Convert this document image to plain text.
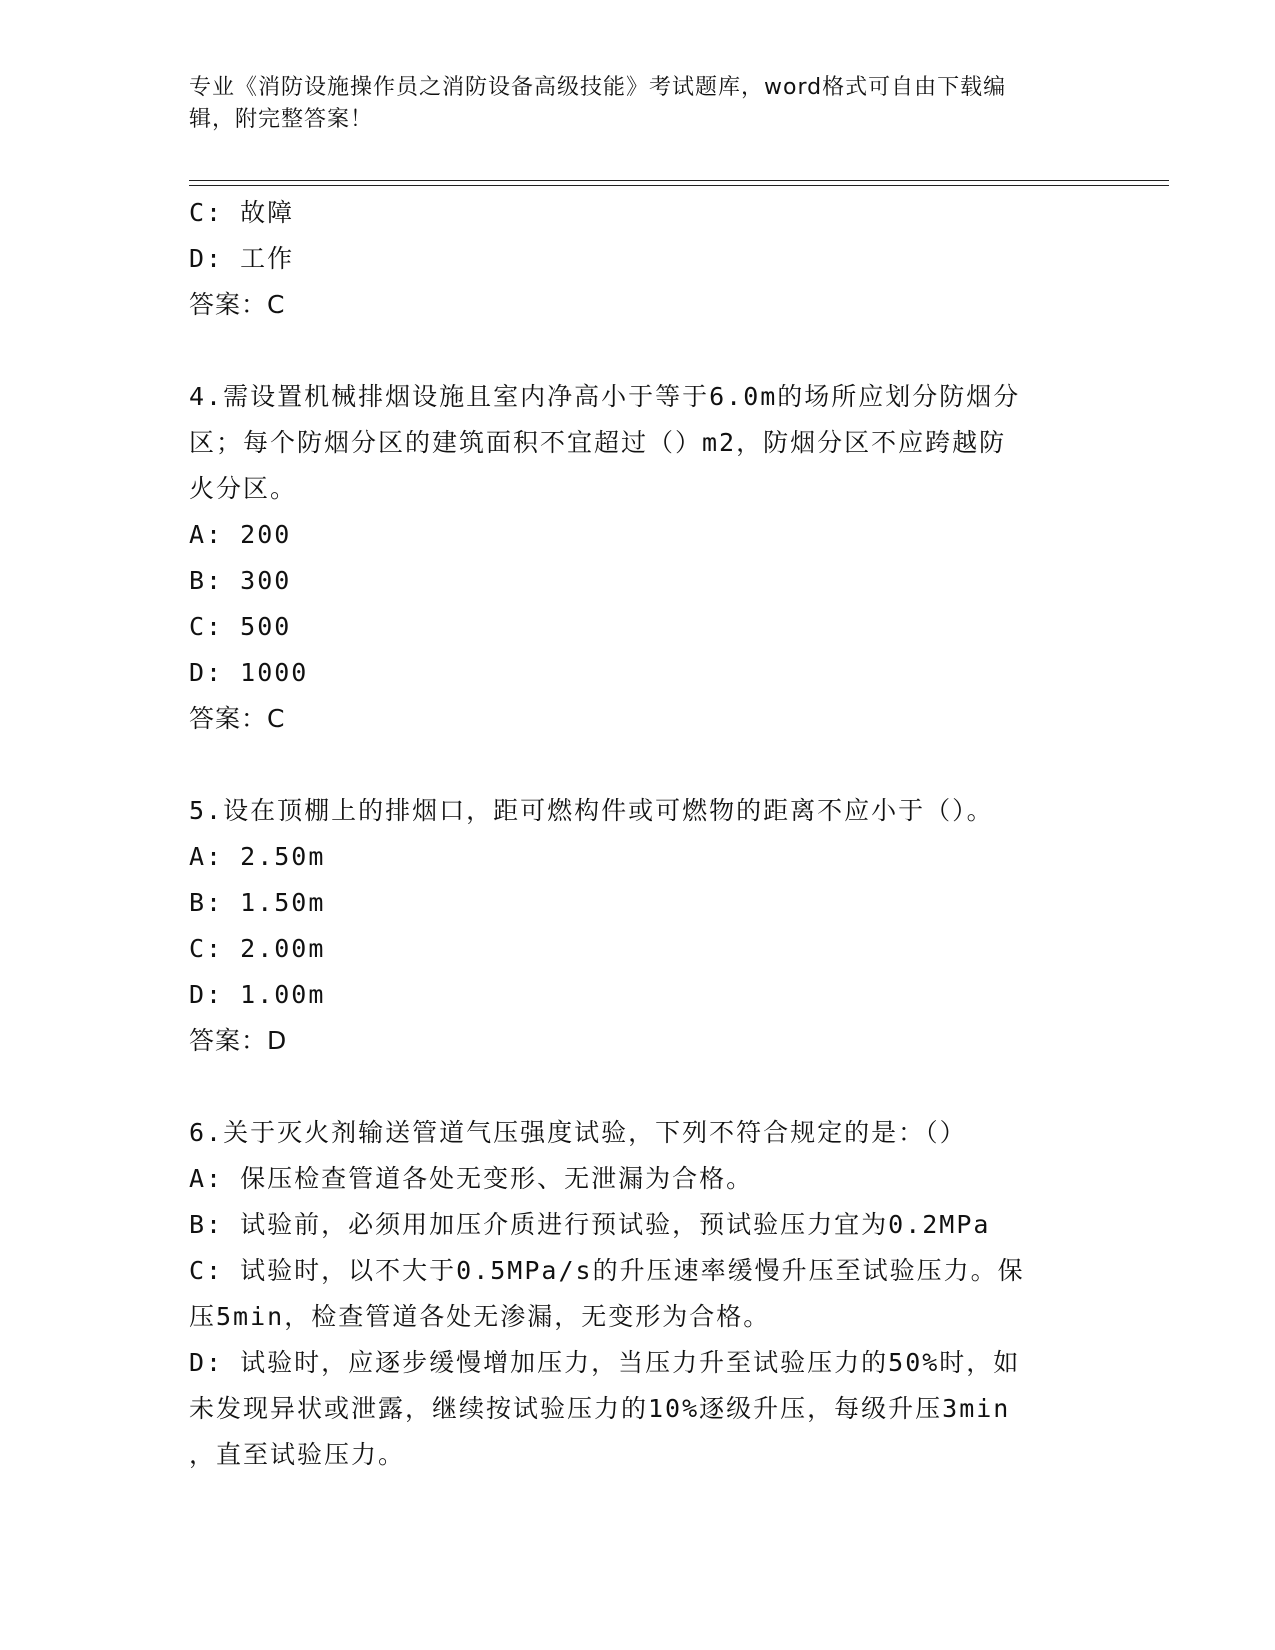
专业《消防设施操作员之消防设备高级技能》考试题库，word格式可自由下载编
辑，附完整答案！
C: 故障
D: 工作
答案：C
4.需设置机械排烟设施且室内净高小于等于6.0m的场所应划分防烟分
区；每个防烟分区的建筑面积不宜超过（）m2，防烟分区不应跨越防
火分区。
A: 200
B: 300
C: 500
D: 1000
答案：C
5.设在顶棚上的排烟口，距可燃构件或可燃物的距离不应小于（）。
A: 2.50m
B: 1.50m
C: 2.00m
D: 1.00m
答案：D
6.关于灭火剂输送管道气压强度试验，下列不符合规定的是：（）
A: 保压检查管道各处无变形、无泄漏为合格。
B: 试验前，必须用加压介质进行预试验，预试验压力宜为0.2MPa
C: 试验时，以不大于0.5MPa/s的升压速率缓慢升压至试验压力。保
压5min，检查管道各处无渗漏，无变形为合格。
D: 试验时，应逐步缓慢增加压力，当压力升至试验压力的50%时，如
未发现异状或泄露，继续按试验压力的10%逐级升压，每级升压3min
，直至试验压力。
